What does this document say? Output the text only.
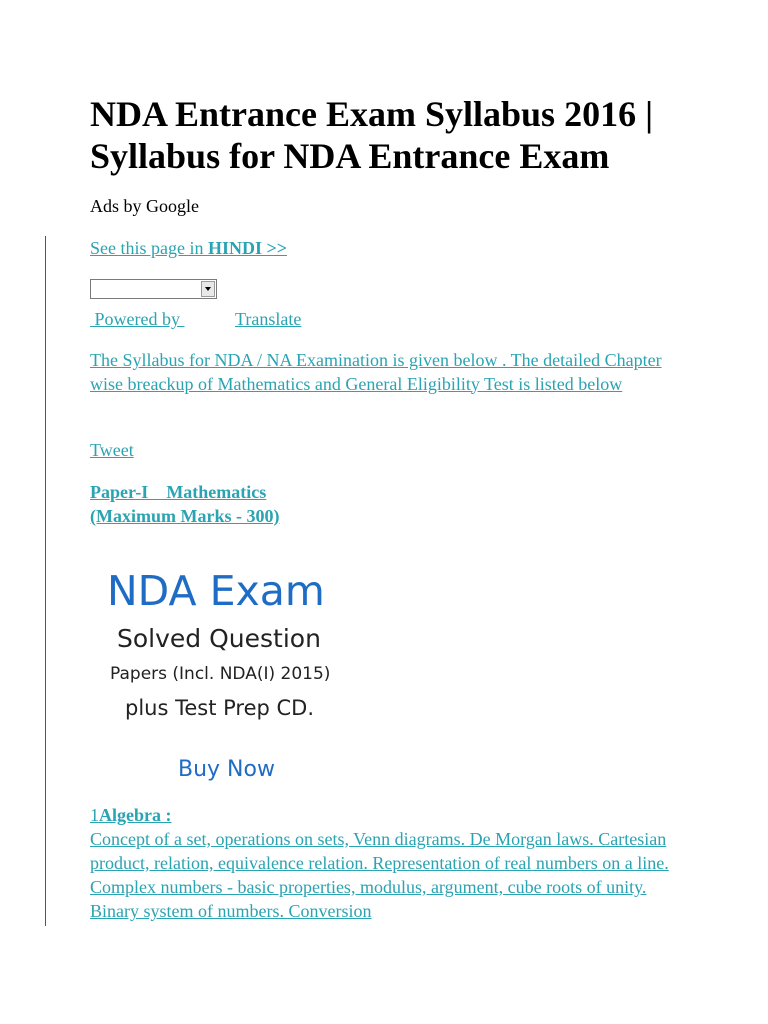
NDA Entrance Exam Syllabus 2016 | Syllabus for NDA Entrance Exam
Ads by Google
See this page in HINDI >>
Powered by	Translate
The Syllabus for NDA / NA Examination is given below . The detailed Chapter wise breackup of Mathematics and General Eligibility Test is listed below
Tweet
Paper-I    Mathematics
(Maximum Marks - 300)
NDA Exam
Solved Question
Papers (Incl. NDA(I) 2015)
plus Test Prep CD.
Buy Now
1Algebra :
Concept of a set, operations on sets, Venn diagrams. De Morgan laws. Cartesian product, relation, equivalence relation. Representation of real numbers on a line. Complex numbers - basic properties, modulus, argument, cube roots of unity. Binary system of numbers. Conversion
